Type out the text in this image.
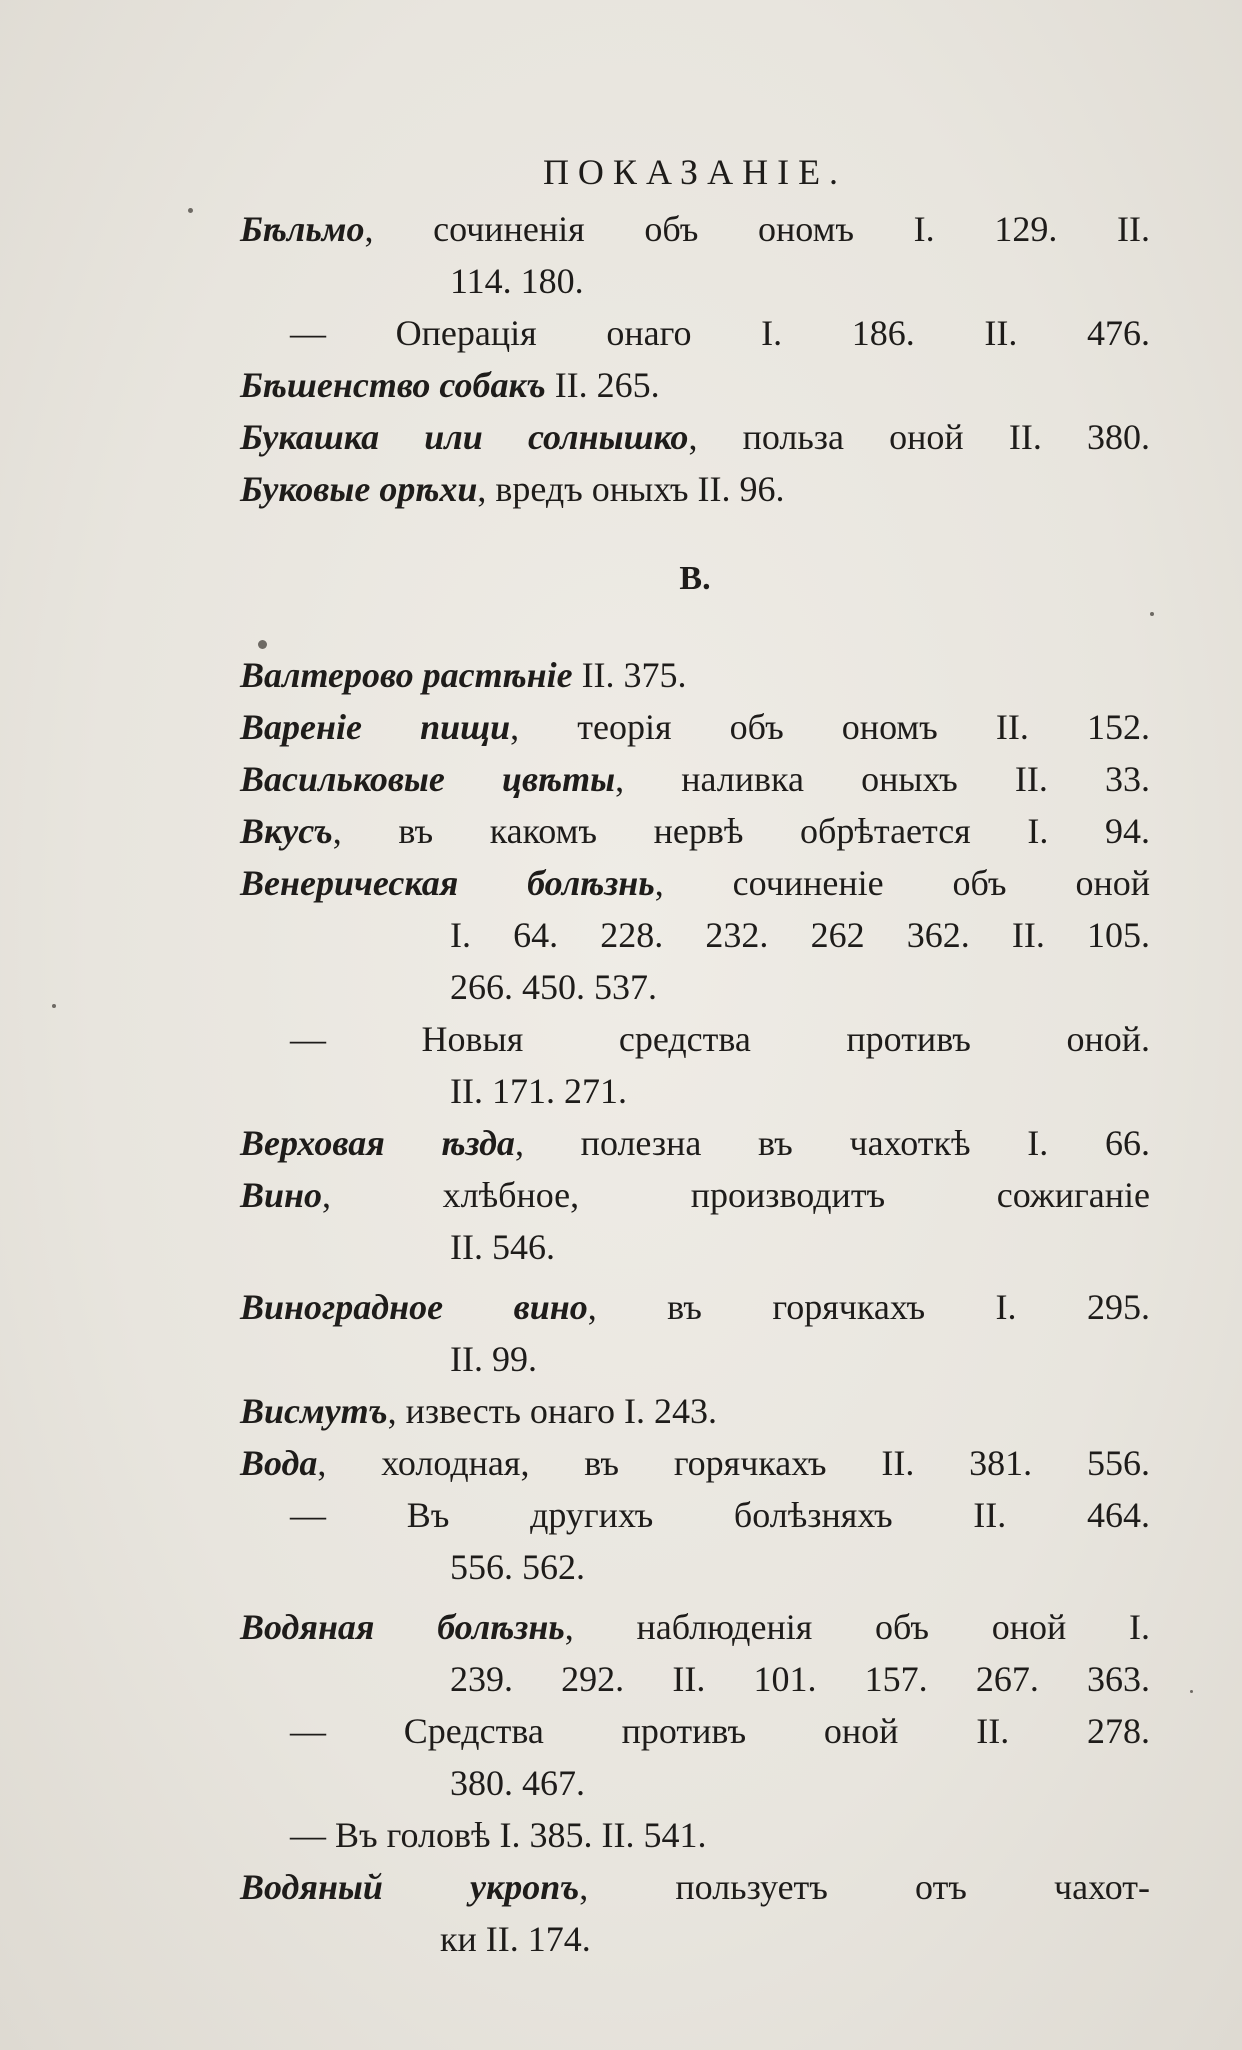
ПОКАЗАНІЕ.
Бѣльмо, сочиненія объ ономъ I. 129. II.
114. 180.
— Операція онаго I. 186. II. 476.
Бѣшенство собакъ II. 265.
Букашка или солнышко, польза оной II. 380.
Буковые орѣхи, вредъ оныхъ II. 96.
В.
Валтерово растѣніе II. 375.
Вареніе пищи, теорія объ ономъ II. 152.
Васильковые цвѣты, наливка оныхъ II. 33.
Вкусъ, въ какомъ нервѣ обрѣтается I. 94.
Венерическая болѣзнь, сочиненіе объ оной
I. 64. 228. 232. 262 362. II. 105.
266. 450. 537.
— Новыя средства противъ оной.
II. 171. 271.
Верховая ѣзда, полезна въ чахоткѣ I. 66.
Вино, хлѣбное, производитъ сожиганіе
II. 546.
Виноградное вино, въ горячкахъ I. 295.
II. 99.
Висмутъ, известь онаго I. 243.
Вода, холодная, въ горячкахъ II. 381. 556.
— Въ другихъ болѣзняхъ II. 464.
556. 562.
Водяная болѣзнь, наблюденія объ оной I.
239. 292. II. 101. 157. 267. 363.
— Средства противъ оной II. 278.
380. 467.
— Въ головѣ I. 385. II. 541.
Водяный укропъ, пользуетъ отъ чахот-
ки II. 174.
